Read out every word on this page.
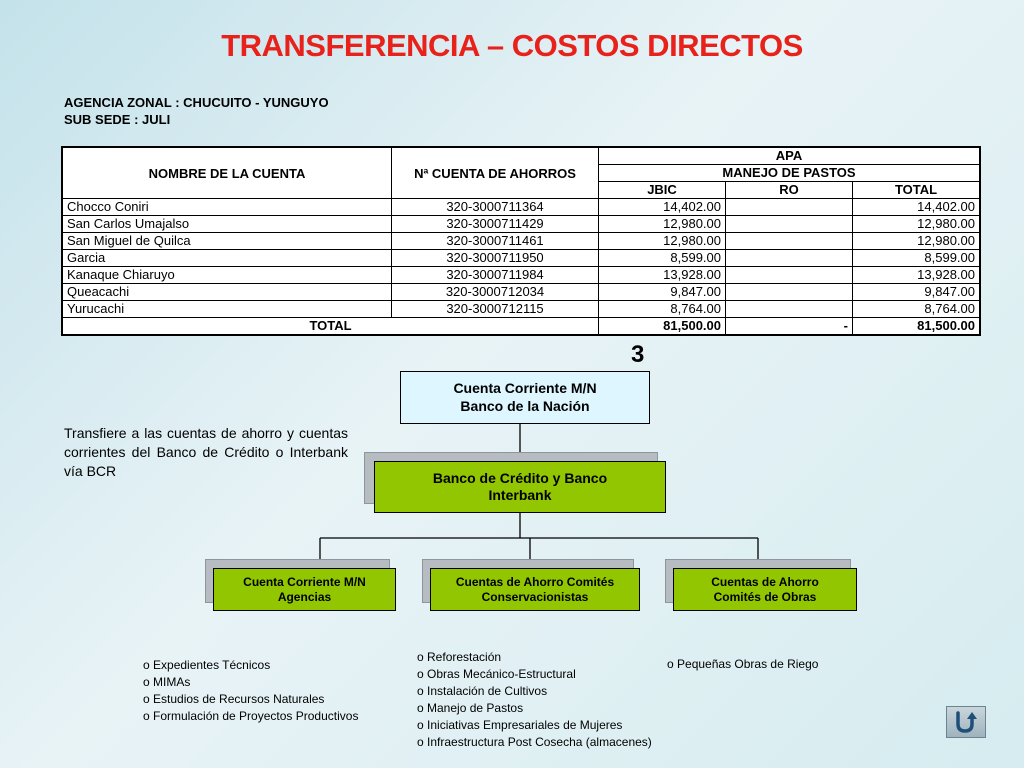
TRANSFERENCIA – COSTOS DIRECTOS
AGENCIA ZONAL : CHUCUITO - YUNGUYO
SUB SEDE : JULI
NOMBRE DE LA CUENTA	Nª CUENTA DE AHORROS	APA		
		MANEJO DE PASTOS		
		JBIC	RO	TOTAL
Chocco Coniri	320-3000711364	14,402.00		14,402.00
San Carlos Umajalso	320-3000711429	12,980.00		12,980.00
San Miguel de Quilca	320-3000711461	12,980.00		12,980.00
Garcia	320-3000711950	8,599.00		8,599.00
Kanaque Chiaruyo	320-3000711984	13,928.00		13,928.00
Queacachi	320-3000712034	9,847.00		9,847.00
Yurucachi	320-3000712115	8,764.00		8,764.00
TOTAL		81,500.00	-	81,500.00
3
Cuenta Corriente M/N
Banco de la Nación
Banco de Crédito y Banco
Interbank
Cuenta Corriente M/N
Agencias
Cuentas de Ahorro Comités
Conservacionistas
Cuentas de Ahorro
Comités de Obras
Transfiere a las cuentas de ahorro y cuentas corrientes del Banco de Crédito o Interbank vía BCR
o Expedientes Técnicos
o MIMAs
o Estudios de Recursos Naturales
o Formulación de Proyectos Productivos
o Reforestación
o Obras Mecánico-Estructural
o Instalación de Cultivos
o Manejo de Pastos
o Iniciativas Empresariales de Mujeres
o Infraestructura Post Cosecha (almacenes)
o Pequeñas Obras de Riego
